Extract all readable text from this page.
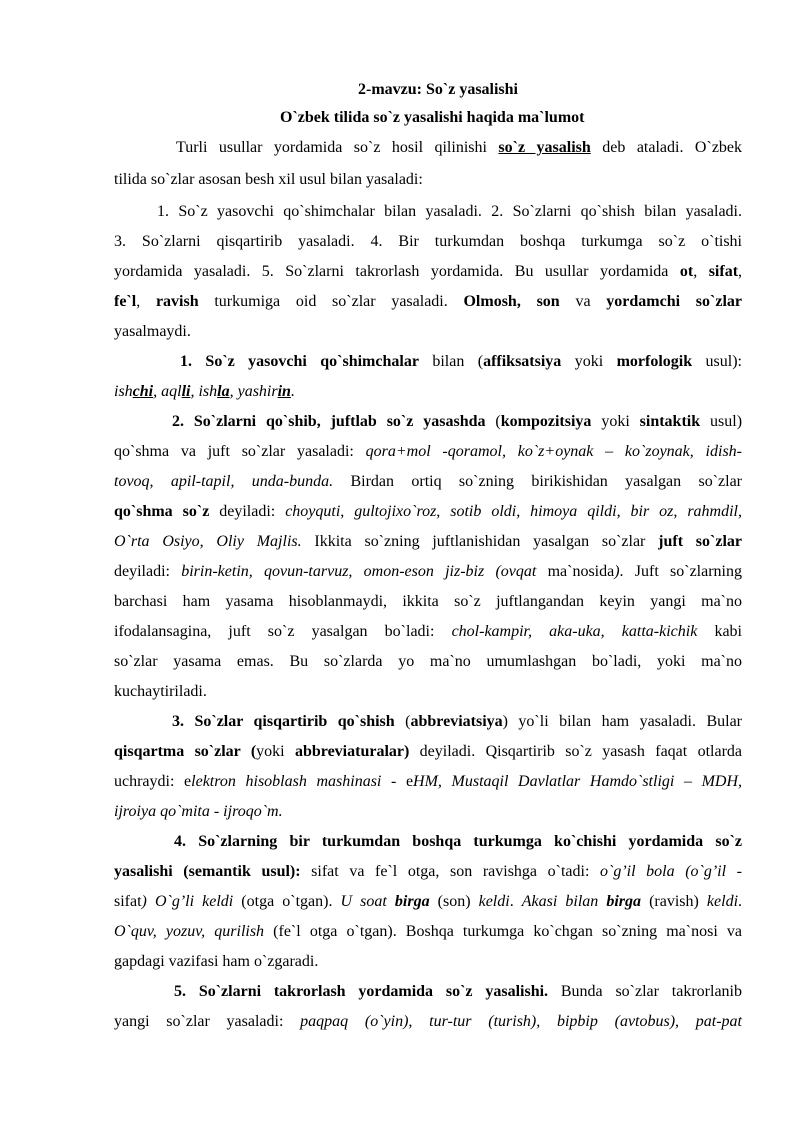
2-mavzu: So`z yasalishi
O`zbek tilida so`z yasalishi haqida ma`lumot
Turli usullar yordamida so`z hosil qilinishi so`z yasalish deb ataladi. O`zbek
tilida so`zlar asosan besh xil usul bilan yasaladi:
1. So`z yasovchi qo`shimchalar bilan yasaladi. 2. So`zlarni qo`shish bilan yasaladi.
3. So`zlarni qisqartirib yasaladi. 4. Bir turkumdan boshqa turkumga so`z o`tishi
yordamida yasaladi. 5. So`zlarni takrorlash yordamida. Bu usullar yordamida ot, sifat,
fe`l, ravish turkumiga oid so`zlar yasaladi. Olmosh, son va yordamchi so`zlar
yasalmaydi.
1. So`z yasovchi qo`shimchalar bilan (affiksatsiya yoki morfologik usul):
ishchi, aqlli, ishla, yashirin.
2. So`zlarni qo`shib, juftlab so`z yasashda (kompozitsiya yoki sintaktik usul)
qo`shma va juft so`zlar yasaladi: qora+mol -qoramol, ko`z+oynak – ko`zoynak, idish-
tovoq, apil-tapil, unda-bunda. Birdan ortiq so`zning birikishidan yasalgan so`zlar
qo`shma so`z deyiladi: choyquti, gultojixo`roz, sotib oldi, himoya qildi, bir oz, rahmdil,
O`rta Osiyo, Oliy Majlis. Ikkita so`zning juftlanishidan yasalgan so`zlar juft so`zlar
deyiladi: birin-ketin, qovun-tarvuz, omon-eson jiz-biz (ovqat ma`nosida). Juft so`zlarning
barchasi ham yasama hisoblanmaydi, ikkita so`z juftlangandan keyin yangi ma`no
ifodalansagina, juft so`z yasalgan bo`ladi: chol-kampir, aka-uka, katta-kichik kabi
so`zlar yasama emas. Bu so`zlarda yo ma`no umumlashgan bo`ladi, yoki ma`no
kuchaytiriladi.
3. So`zlar qisqartirib qo`shish (abbreviatsiya) yo`li bilan ham yasaladi. Bular
qisqartma so`zlar (yoki abbreviaturalar) deyiladi. Qisqartirib so`z yasash faqat otlarda
uchraydi: elektron hisoblash mashinasi - eHM, Mustaqil Davlatlar Hamdo`stligi – MDH,
ijroiya qo`mita - ijroqo`m.
4. So`zlarning bir turkumdan boshqa turkumga ko`chishi yordamida so`z
yasalishi (semantik usul): sifat va fe`l otga, son ravishga o`tadi: o`g’il bola (o`g’il -
sifat) O`g’li keldi (otga o`tgan). U soat birga (son) keldi. Akasi bilan birga (ravish) keldi.
O`quv, yozuv, qurilish (fe`l otga o`tgan). Boshqa turkumga ko`chgan so`zning ma`nosi va
gapdagi vazifasi ham o`zgaradi.
5. So`zlarni takrorlash yordamida so`z yasalishi. Bunda so`zlar takrorlanib
yangi so`zlar yasaladi: paqpaq (o`yin), tur-tur (turish), bipbip (avtobus), pat-pat
